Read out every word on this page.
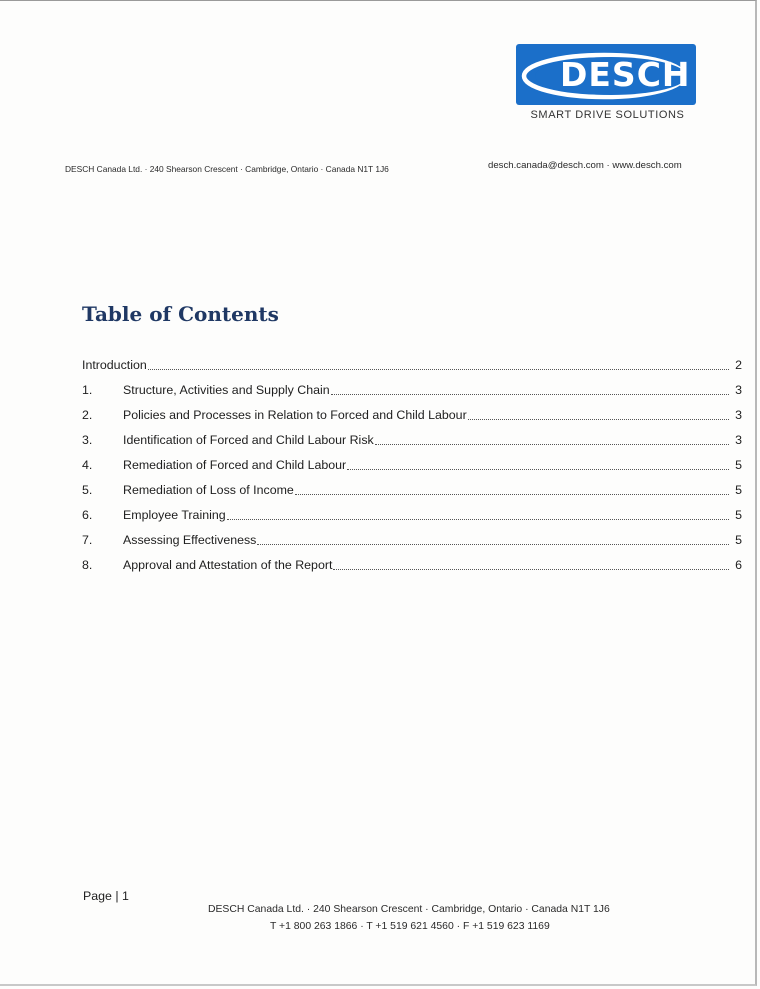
DESCH
SMART DRIVE SOLUTIONS
DESCH Canada Ltd. · 240 Shearson Crescent · Cambridge, Ontario · Canada N1T 1J6	desch.canada@desch.com · www.desch.com
Table of Contents
Introduction	2
1.	Structure, Activities and Supply Chain	3
2.	Policies and Processes in Relation to Forced and Child Labour	3
3.	Identification of Forced and Child Labour Risk	3
4.	Remediation of Forced and Child Labour	5
5.	Remediation of Loss of Income	5
6.	Employee Training	5
7.	Assessing Effectiveness	5
8.	Approval and Attestation of the Report	6
Page | 1
DESCH Canada Ltd. · 240 Shearson Crescent · Cambridge, Ontario · Canada N1T 1J6
T +1 800 263 1866 · T +1 519 621 4560 · F +1 519 623 1169
